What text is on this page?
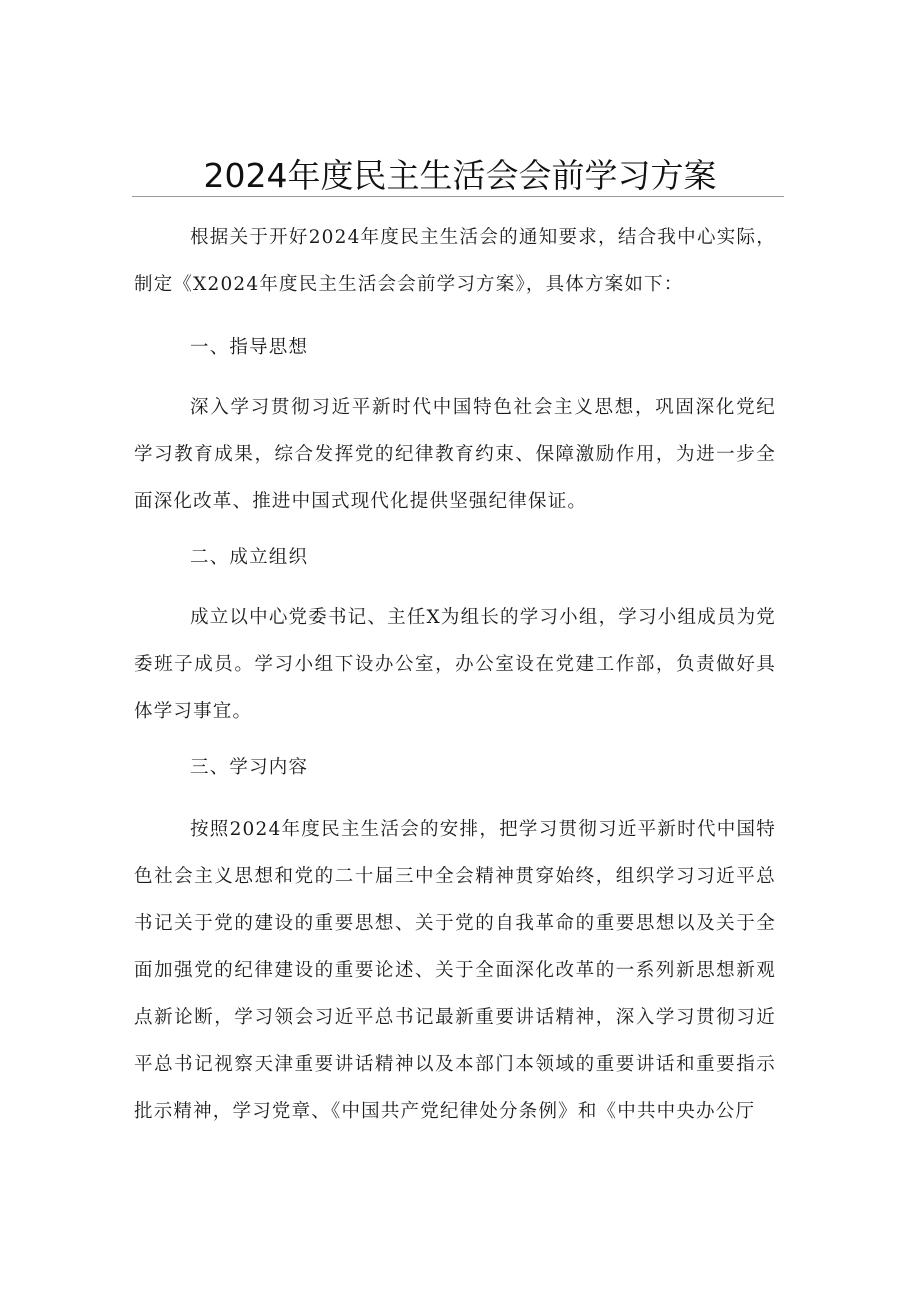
2024年度民主生活会会前学习方案

根据关于开好2024年度民主生活会的通知要求，结合我中心实际，制定《X2024年度民主生活会会前学习方案》，具体方案如下：

一、指导思想

深入学习贯彻习近平新时代中国特色社会主义思想，巩固深化党纪学习教育成果，综合发挥党的纪律教育约束、保障激励作用，为进一步全面深化改革、推进中国式现代化提供坚强纪律保证。

二、成立组织

成立以中心党委书记、主任X为组长的学习小组，学习小组成员为党委班子成员。学习小组下设办公室，办公室设在党建工作部，负责做好具体学习事宜。

三、学习内容

按照2024年度民主生活会的安排，把学习贯彻习近平新时代中国特色社会主义思想和党的二十届三中全会精神贯穿始终，组织学习习近平总书记关于党的建设的重要思想、关于党的自我革命的重要思想以及关于全面加强党的纪律建设的重要论述、关于全面深化改革的一系列新思想新观点新论断，学习领会习近平总书记最新重要讲话精神，深入学习贯彻习近平总书记视察天津重要讲话精神以及本部门本领域的重要讲话和重要指示批示精神，学习党章、《中国共产党纪律处分条例》和《中共中央办公厅
